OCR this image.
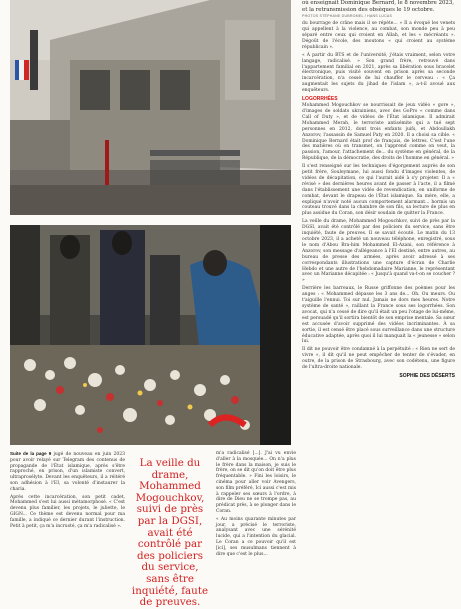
où enseignait Dominique Bernard, le 8 novembre 2023, et la retransmission des obsèques le 19 octobre.
PHOTOS STÉPHANE DUBROMEL / HANS LUCAS

du bourrage de crâne mais il se répète... » Il a évoqué les venets qui appellent à la violence, au combat, son monde peu à peu séparé entre ceux qui croient en Allah, et les « mécréants ». Dégoût de l'école, des moutons « qui croient au système républicain ».

« À partir du BTS et de l'université, j'étais vraiment, selon votre langage, radicalisé. » Son grand frère, retrouvé dans l'appartement familial en 2021, après sa libération sous bracelet électronique, puis visité souvent en prison après sa seconde incarcération, n'a cessé de lui chauffer le cerveau : « Ça augmentait les sujets du jihad de l'islam », a-t-il avoué aux enquêteurs.

LOGORRHÉES

Mohammed Mogouchkov se nourrissait de jeux vidéo « gore », d'images de soldats ukrainiens, avec des GoPro « comme dans Call of Duty », et de vidéos de l'État islamique. Il admirait Mohammed Merah, le terroriste antisémite qui a tué sept personnes en 2012, dont trois enfants juifs, et Abdoullakh Anzorov, l'assassin de Samuel Paty en 2020. Il a choisi sa cible. « Dominique Bernard était prof de français, de lettres. C'est l'une des matières où on transmet, on l'apprend comme on veut, la passion, l'amour, l'attachement de... du système en général, de la République, de la démocratie, des droits de l'homme en général. »

Il s'est renseigné sur les techniques d'égorgement auprès de son petit frère, Souleymane, lui aussi fondu d'images violentes, de vidéos de décapitation, ce qui l'aurait aidé à s'y projeter. Il a « révisé » des dernières heures avant de passer à l'acte, il a filmé dans l'établissement une vidéo de revendication, en uniforme de combat, devant le drapeau de l'État islamique. Sa mère, elle, a expliqué n'avoir noté aucun comportement alarmant... hormis un couteau trouvé dans la chambre de son fils, sa lecture de plus en plus assidue du Coran, son désir soudain de quitter la France.

La veille du drame, Mohammed Mogouchkov, suivi de près par la DGSI, avait été contrôlé par des policiers du service, sans être inquiété, faute de preuves. Il se savait écouté. Le matin du 13 octobre 2023, il a acheté un nouveau téléphone, enregistré, sous le nom d'Abou Bra-him Mohammed El-Azani, son référence à Anzorov, son message d'allégeance à l'EI destiné, entre autres, au bureau de presse des armées, après avoir adressé à ses correspondants illustrations une capture d'écran de Charlie Hebdo et une autre de l'hebdomadaire Marianne, le représentant avec un Marianne décapitée : « Jusqu'à quand va-t-on se coucher ? »

Derrière les barreaux, le Russe griffonne des poèmes pour les anges : « Mohammed dépasse les 3 ans de... Oh. Ou meurs. Ou t'aiguille l'ennui. Toi sur nul. Jamais ne dors mes heures. Notre système de santé », raillant la France sous ses logorrhées. Son avocat, qui n'a cessé de dire qu'il était un peu l'otage de lui-même, est persuadé qu'il sortira bientôt de son emprise mentale. Sa sœur est accusée d'avoir supprimé des vidéos incriminantes. À sa sortie, il est censé être placé sous surveillance dans une structure éducative adaptée, après quoi il lui manquait la « jeunesse » selon lui.

Il dit ne pouvoir être condamné à la perpétuité : « Rien ne sert de vivre », il dit qu'il ne peut empêcher de tenter de s'évader, en outre, de la prison de Strasbourg, avec son codétenu, une figure de l'ultra-droite nationale.

SOPHIE DES DÉSERTS

Suite de la page 9 jugé de nouveau en juin 2023 pour avoir relayé sur Telegram des contenus de propagande de l'État islamique, après s'être rapproché, en prison, d'un islamiste convert, ultraprosélyte. Devant les enquêteurs, il a réitéré son adhésion à l'EI, sa volonté d'instaurer la charia.

Après cette incarcération, son petit cadet, Mohammed s'est lui aussi métamorphosé. « C'est devenu plus familier, les projets, le juliette, le GIGN... Ce thème est devenu normal pour ma famille, a indiqué ce dernier durant l'instruction. Petit à petit, ça m'a incrusté, ça m'a radicalisé ».

La veille du drame, Mohammed Mogouchkov, suivi de près par la DGSI, avait été contrôlé par des policiers du service, sans être inquiété, faute de preuves.

m'a radicalisé [...]. J'ai vu envie d'aller à la mosquée... On n'a plus le frère dans la maison, je suis le frère, on se dit qu'on doit être plus fréquentable. » Fini les loisirs, le cinéma pour aller voir Avengers, son film préféré, Ici aussi c'est mis à rappeler ses sœurs à l'ordre, à dire de Dieu ne se trompe pas, au prédicat près, à se plonger dans le Coran.

« Au moins quarante minutes par jour, a précisé le terroriste, analysant avec une sérénité lucide, qui a l'intention du glacial. Le Coran a ce pouvoir qu'il est [ici], ses musulmans tiennent à dire que c'est le plus...
